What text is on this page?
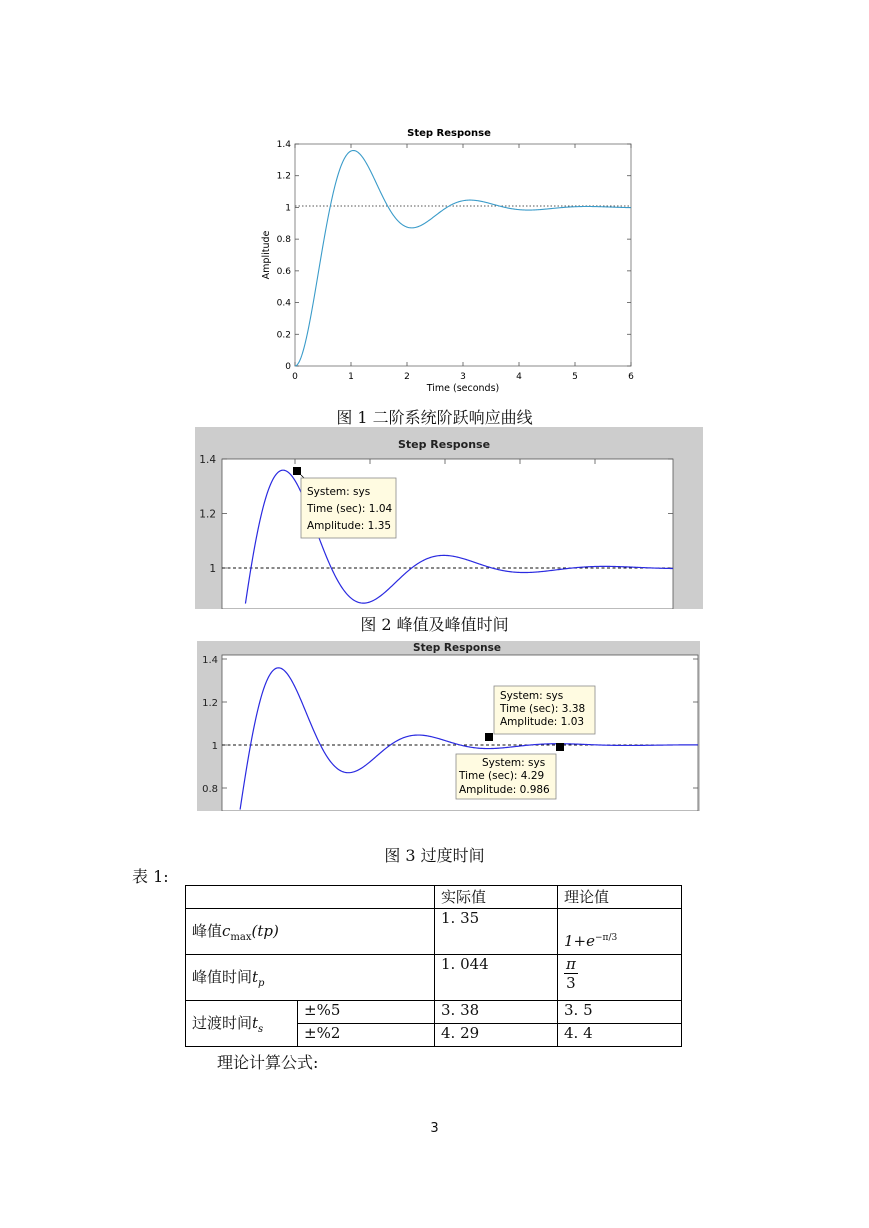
Step Response
0
0.2
0.4
0.6
0.8
1
1.2
1.4
0	1	2	3	4	5	6
Time (seconds)
Amplitude
图 1 二阶系统阶跃响应曲线
Step Response
1
1.2
1.4
System: sys
Time (sec): 1.04
Amplitude: 1.35
图 2 峰值及峰值时间
Step Response
0.8
1
1.2
1.4
System: sys
Time (sec): 3.38
Amplitude: 1.03
System: sys
Time (sec): 4.29
Amplitude: 0.986
图 3 过度时间
表 1:
		实际值	理论值
峰值$c_{max}(tp)$		1. 35	$1+e^{-\pi/3}$
峰值时间$t_p$		1. 044	$\frac{\pi}{3}$

过渡时间$t_s$	±%5	3. 38	3. 5
	±%2	4. 29	4. 4
理论计算公式:
3
